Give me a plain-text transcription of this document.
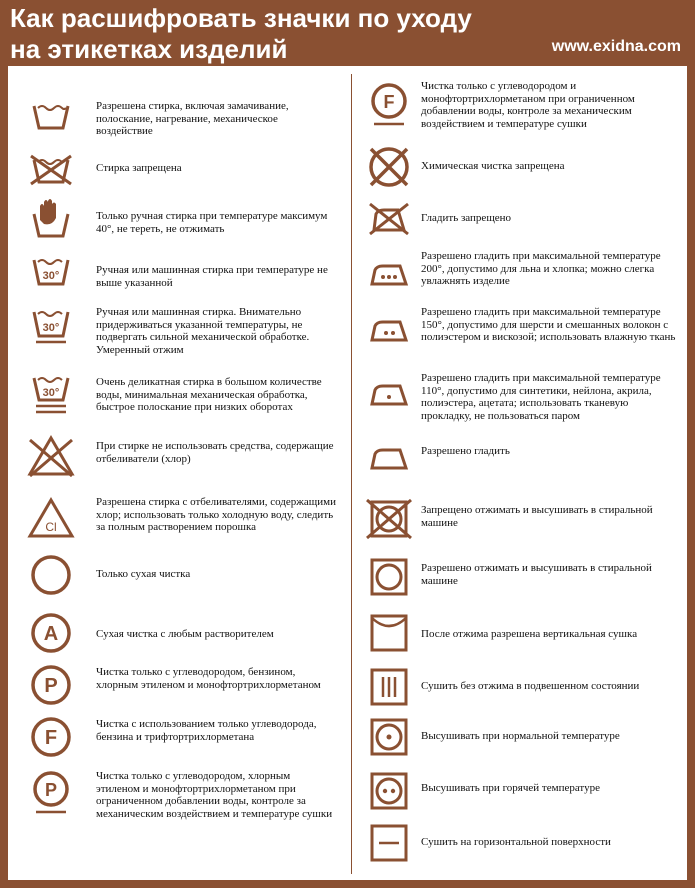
Как расшифровать значки по уходу
на этикетках изделий	www.exidna.com
Разрешена стирка, включая замачивание, полоскание, нагревание, механическое воздействие
Стирка запрещена
Только ручная стирка при температуре максимум 40°, не тереть, не отжимать
30°	Ручная или машинная стирка при температуре не выше указанной
30°
Ручная или машинная стирка. Внимательно придерживаться указанной температуры, не подвергать сильной механической обработке. Умеренный отжим
30°
Очень деликатная стирка в большом количестве воды, минимальная механическая обработка, быстрое полоскание при низких оборотах
При стирке не использовать средства, содержащие отбеливатели (хлор)
Cl
Разрешена стирка с отбеливателями, содержащими хлор; использовать только холодную воду, следить за полным растворением порошка
Только сухая чистка
A	Сухая чистка с любым растворителем
P
Чистка только с углеводородом, бензином, хлорным этиленом и монофтортрихлорметаном
F
Чистка с использованием только углеводорода, бензина и трифтортрихлорметана
P
Чистка только с углеводородом, хлорным этиленом и монофтортрихлорметаном при ограниченном добавлении воды, контроле за механическим воздействием и температуре сушки
F
Чистка только с углеводородом и монофтортрихлорметаном при ограниченном добавлении воды, контроле за механическим воздействием и температуре сушки
Химическая чистка запрещена
Гладить запрещено
Разрешено гладить при максимальной температуре 200°, допустимо для льна и хлопка; можно слегка увлажнять изделие
Разрешено гладить при максимальной температуре 150°, допустимо для шерсти и смешанных волокон с полиэстером и вискозой; использовать влажную ткань
Разрешено гладить при максимальной температуре 110°, допустимо для синтетики, нейлона, акрила, полиэстера, ацетата; использовать тканевую прокладку, не пользоваться паром
Разрешено гладить
Запрещено отжимать и высушивать в стиральной машине
Разрешено отжимать и высушивать в стиральной машине
После отжима разрешена вертикальная сушка
Сушить без отжима в подвешенном состоянии
Высушивать при нормальной температуре
Высушивать при горячей температуре
Сушить на горизонтальной поверхности
